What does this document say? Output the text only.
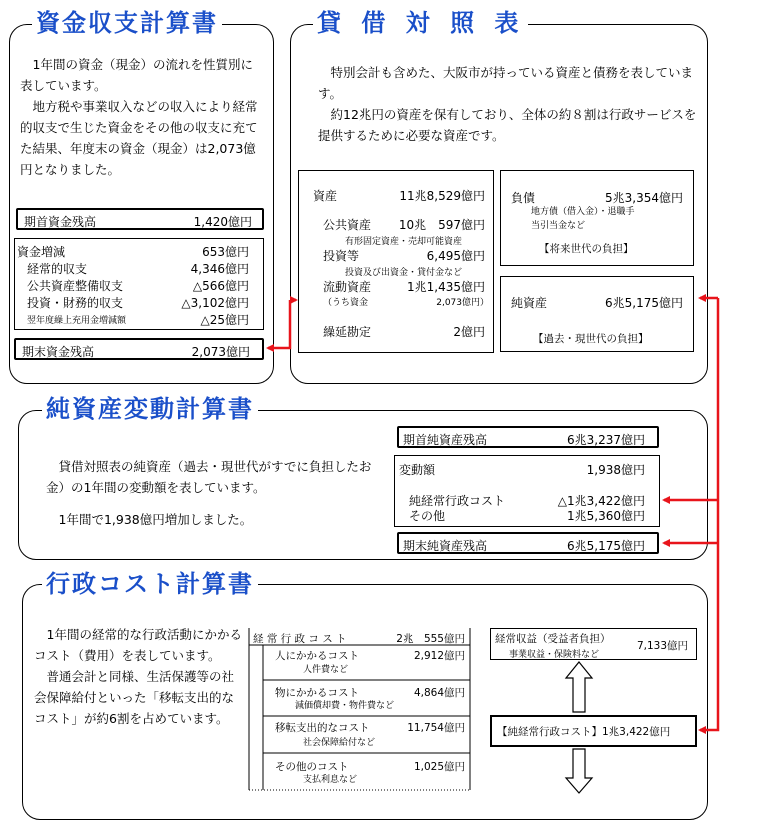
資金収支計算書
1年間の資金（現金）の流れを性質別に表しています。
地方税や事業収入などの収入により経常的収支で生じた資金をその他の収支に充てた結果、年度末の資金（現金）は2,073億円となりました。
期首資金残高	1,420億円
資金増減	653億円
経常的収支	4,346億円
公共資産整備収支	△566億円
投資・財務的収支	△3,102億円
翌年度繰上充用金増減額	△25億円
期末資金残高	2,073億円
貸 借 対 照 表
特別会計も含めた、大阪市が持っている資産と債務を表しています。
約12兆円の資産を保有しており、全体の約８割は行政サービスを提供するために必要な資産です。
資産	11兆8,529億円
公共資産 10兆　597億円
有形固定資産・売却可能資産
投資等	6,495億円
投資及び出資金・貸付金など
流動資産	1兆1,435億円
（うち資金	2,073億円）
繰延勘定	2億円
負債	5兆3,354億円
地方債（借入金）・退職手当引当金など
【将来世代の負担】
純資産	6兆5,175億円
【過去・現世代の負担】
純資産変動計算書
貸借対照表の純資産（過去・現世代がすでに負担したお金）の1年間の変動額を表しています。
1年間で1,938億円増加しました。
期首純資産残高	6兆3,237億円
変動額	1,938億円
純経常行政コスト	△1兆3,422億円
その他	1兆5,360億円
期末純資産残高	6兆5,175億円
行政コスト計算書
1年間の経常的な行政活動にかかるコスト（費用）を表しています。
普通会計と同様、生活保護等の社会保障給付といった「移転支出的なコスト」が約6割を占めています。
経 常 行 政 コ ス ト	2兆　555億円
人にかかるコスト	2,912億円
人件費など
物にかかるコスト	4,864億円
減価償却費・物件費など
移転支出的なコスト	11,754億円
社会保障給付など
その他のコスト	1,025億円
支払利息など
経常収益（受益者負担）
7,133億円
事業収益・保険料など
【純経常行政コスト】1兆3,422億円
